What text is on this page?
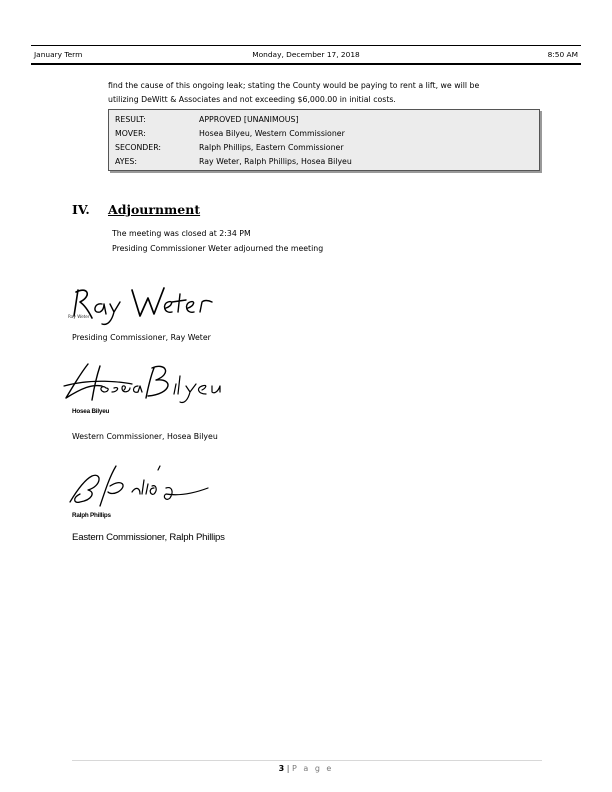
January Term	Monday, December 17, 2018	8:50 AM
find the cause of this ongoing leak; stating the County would be paying to rent a lift, we will be
utilizing DeWitt & Associates and not exceeding $6,000.00 in initial costs.
RESULT:	APPROVED [UNANIMOUS]
MOVER:	Hosea Bilyeu, Western Commissioner
SECONDER:	Ralph Phillips, Eastern Commissioner
AYES:	Ray Weter, Ralph Phillips, Hosea Bilyeu
IV. Adjournment
The meeting was closed at 2:34 PM
Presiding Commissioner Weter adjourned the meeting
Ray Weter
Presiding Commissioner, Ray Weter
Hosea Bilyeu
Western Commissioner, Hosea Bilyeu
Ralph Phillips
Eastern Commissioner, Ralph Phillips
3 | P a g e
